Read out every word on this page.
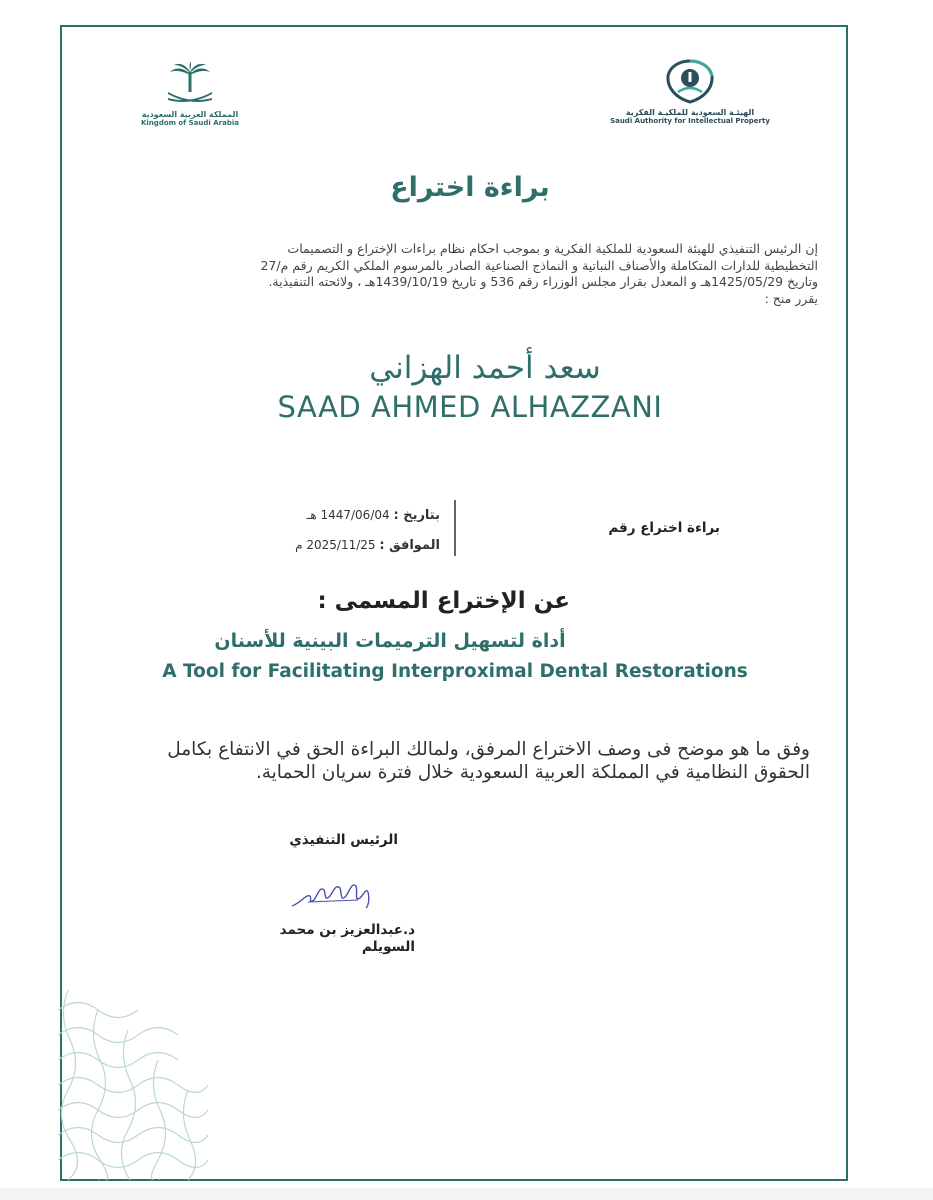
المملكة العربية السعودية
Kingdom of Saudi Arabia
الهيئـة السعودية للملكيـة الفكرية
Saudi Authority for Intellectual Property
براءة اختراع

إن الرئيس التنفيذي للهيئة السعودية للملكية الفكرية و بموجب احكام نظام براءات الإختراع و التصميمات

التخطيطية للدارات المتكاملة والأصناف النباتية و النماذج الصناعية الصادر بالمرسوم الملكي الكريم رقم م/27

وتاريخ 1425/05/29هـ و المعدل بقرار مجلس الوزراء رقم 536 و تاريخ 1439/10/19هـ ، ولائحته التنفيذية.

يقرر منح :

سعد أحمد الهزاني
SAAD AHMED ALHAZZANI
بتاريخ : 1447/06/04 هـ
الموافق : 2025/11/25 م
براءة اختراع رقم
عن الإختراع المسمى :
أداة لتسهيل الترميمات البينية للأسنان
A Tool for Facilitating Interproximal Dental Restorations

وفق ما هو موضح فى وصف الاختراع المرفق، ولمالك البراءة الحق في الانتفاع بكامل

الحقوق النظامية في المملكة العربية السعودية خلال فترة سريان الحماية.

الرئيس التنفيذي

د.عبدالعزيز بن محمد

السويلم
